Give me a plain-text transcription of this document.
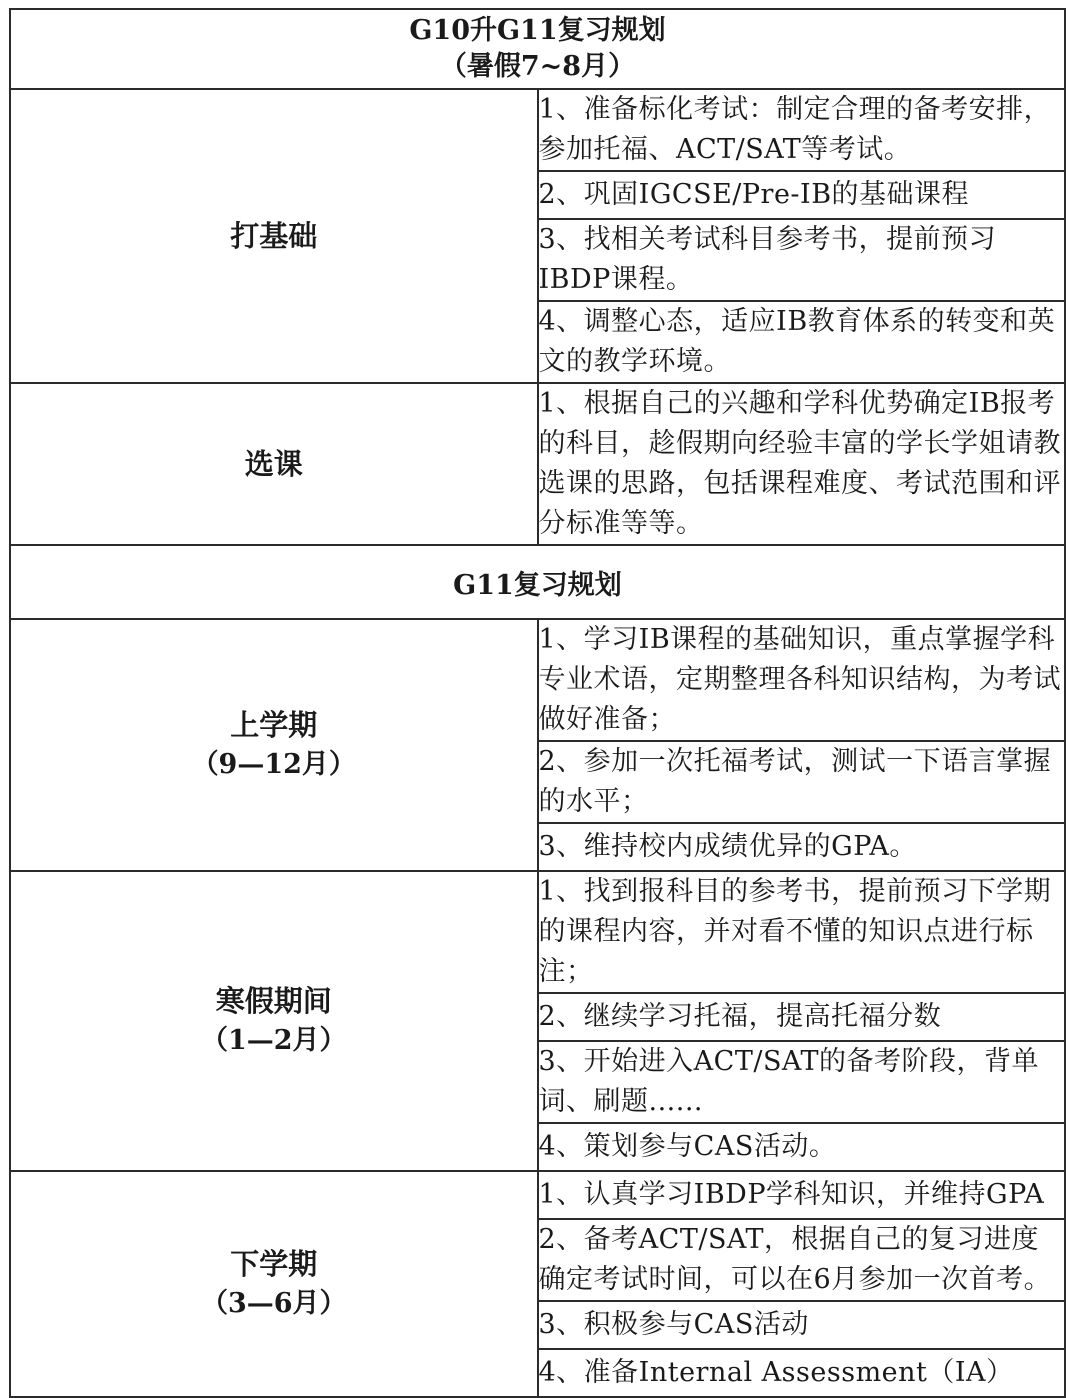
G10升G11复习规划
（暑假7~8月）	

打基础	1、准备标化考试：制定合理的备考安排，参加托福、ACT/SAT等考试。
	2、巩固IGCSE/Pre-IB的基础课程
	3、找相关考试科目参考书，提前预习IBDP课程。
	4、调整心态，适应IB教育体系的转变和英文的教学环境。
选课	1、根据自己的兴趣和学科优势确定IB报考的科目，趁假期向经验丰富的学长学姐请教选课的思路，包括课程难度、考试范围和评分标准等等。
G11复习规划	
上学期
（9—12月）	1、学习IB课程的基础知识，重点掌握学科专业术语，定期整理各科知识结构，为考试做好准备；
	2、参加一次托福考试，测试一下语言掌握的水平；
	3、维持校内成绩优异的GPA。
寒假期间
（1—2月）	1、找到报科目的参考书，提前预习下学期的课程内容，并对看不懂的知识点进行标注；
	2、继续学习托福，提高托福分数
	3、开始进入ACT/SAT的备考阶段，背单词、刷题......
	4、策划参与CAS活动。
下学期
（3—6月）	1、认真学习IBDP学科知识，并维持GPA
	2、备考ACT/SAT，根据自己的复习进度确定考试时间，可以在6月参加一次首考。
	3、积极参与CAS活动
	4、准备Internal Assessment（IA）
